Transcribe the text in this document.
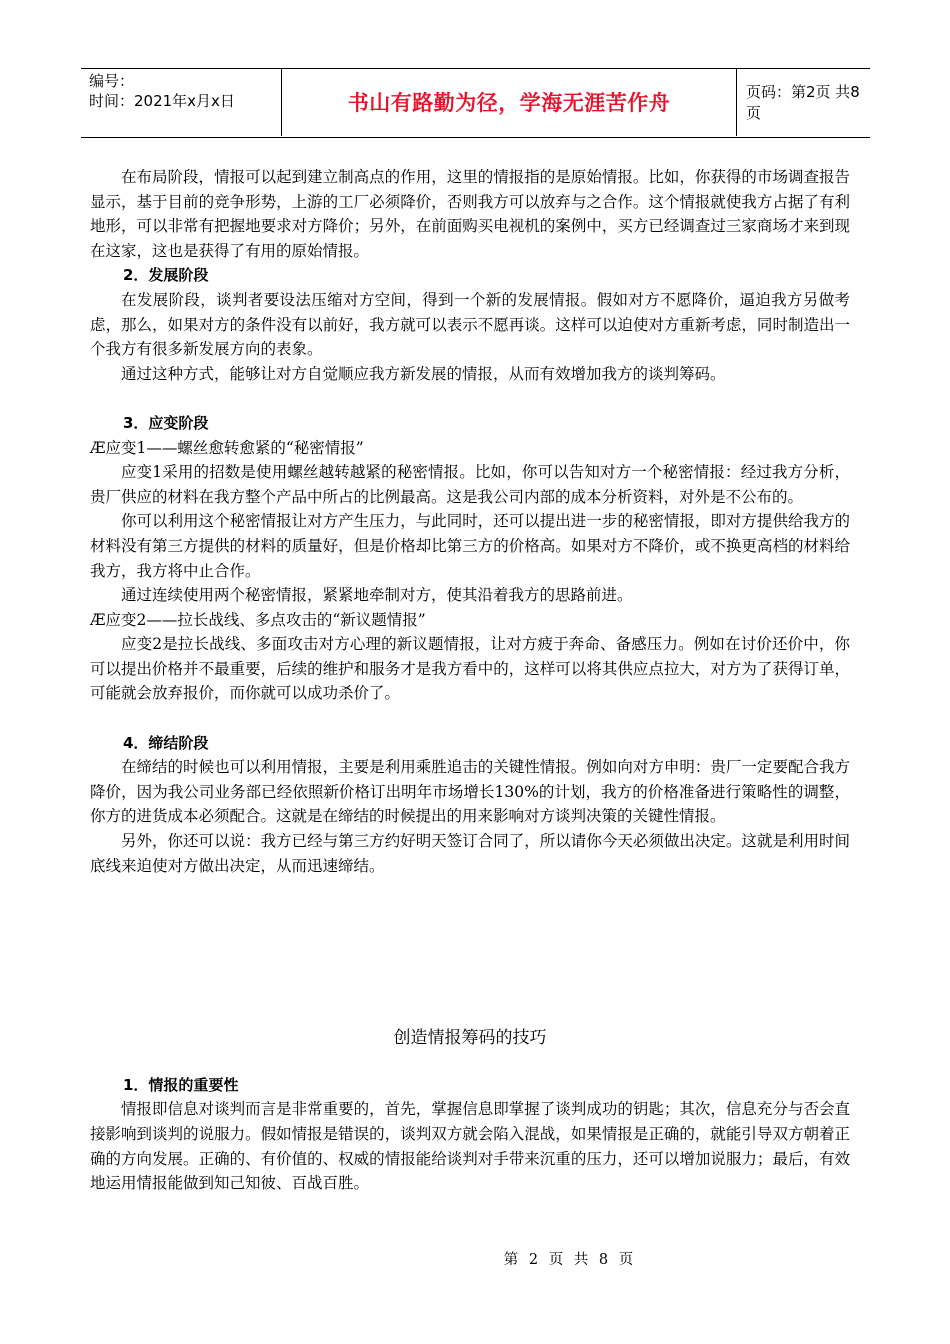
编号：
时间：2021年x月x日	书山有路勤为径，学海无涯苦作舟	页码：第2页 共8页

在布局阶段，情报可以起到建立制高点的作用，这里的情报指的是原始情报。比如，你获得的市场调查报告显示，基于目前的竞争形势，上游的工厂必须降价，否则我方可以放弃与之合作。这个情报就使我方占据了有利地形，可以非常有把握地要求对方降价；另外，在前面购买电视机的案例中，买方已经调查过三家商场才来到现在这家，这也是获得了有用的原始情报。

2．发展阶段

在发展阶段，谈判者要设法压缩对方空间，得到一个新的发展情报。假如对方不愿降价，逼迫我方另做考虑，那么，如果对方的条件没有以前好，我方就可以表示不愿再谈。这样可以迫使对方重新考虑，同时制造出一个我方有很多新发展方向的表象。

通过这种方式，能够让对方自觉顺应我方新发展的情报，从而有效增加我方的谈判筹码。

3．应变阶段

Æ应变1——螺丝愈转愈紧的“秘密情报”

应变1采用的招数是使用螺丝越转越紧的秘密情报。比如，你可以告知对方一个秘密情报：经过我方分析，贵厂供应的材料在我方整个产品中所占的比例最高。这是我公司内部的成本分析资料，对外是不公布的。

你可以利用这个秘密情报让对方产生压力，与此同时，还可以提出进一步的秘密情报，即对方提供给我方的材料没有第三方提供的材料的质量好，但是价格却比第三方的价格高。如果对方不降价，或不换更高档的材料给我方，我方将中止合作。

通过连续使用两个秘密情报，紧紧地牵制对方，使其沿着我方的思路前进。

Æ应变2——拉长战线、多点攻击的“新议题情报”

应变2是拉长战线、多面攻击对方心理的新议题情报，让对方疲于奔命、备感压力。例如在讨价还价中，你可以提出价格并不最重要，后续的维护和服务才是我方看中的，这样可以将其供应点拉大，对方为了获得订单，可能就会放弃报价，而你就可以成功杀价了。

4．缔结阶段

在缔结的时候也可以利用情报，主要是利用乘胜追击的关键性情报。例如向对方申明：贵厂一定要配合我方降价，因为我公司业务部已经依照新价格订出明年市场增长130%的计划，我方的价格准备进行策略性的调整，你方的进货成本必须配合。这就是在缔结的时候提出的用来影响对方谈判决策的关键性情报。

另外，你还可以说：我方已经与第三方约好明天签订合同了，所以请你今天必须做出决定。这就是利用时间底线来迫使对方做出决定，从而迅速缔结。

创造情报筹码的技巧

1．情报的重要性

情报即信息对谈判而言是非常重要的，首先，掌握信息即掌握了谈判成功的钥匙；其次，信息充分与否会直接影响到谈判的说服力。假如情报是错误的，谈判双方就会陷入混战，如果情报是正确的，就能引导双方朝着正确的方向发展。正确的、有价值的、权威的情报能给谈判对手带来沉重的压力，还可以增加说服力；最后，有效地运用情报能做到知己知彼、百战百胜。

第 2 页 共 8 页
